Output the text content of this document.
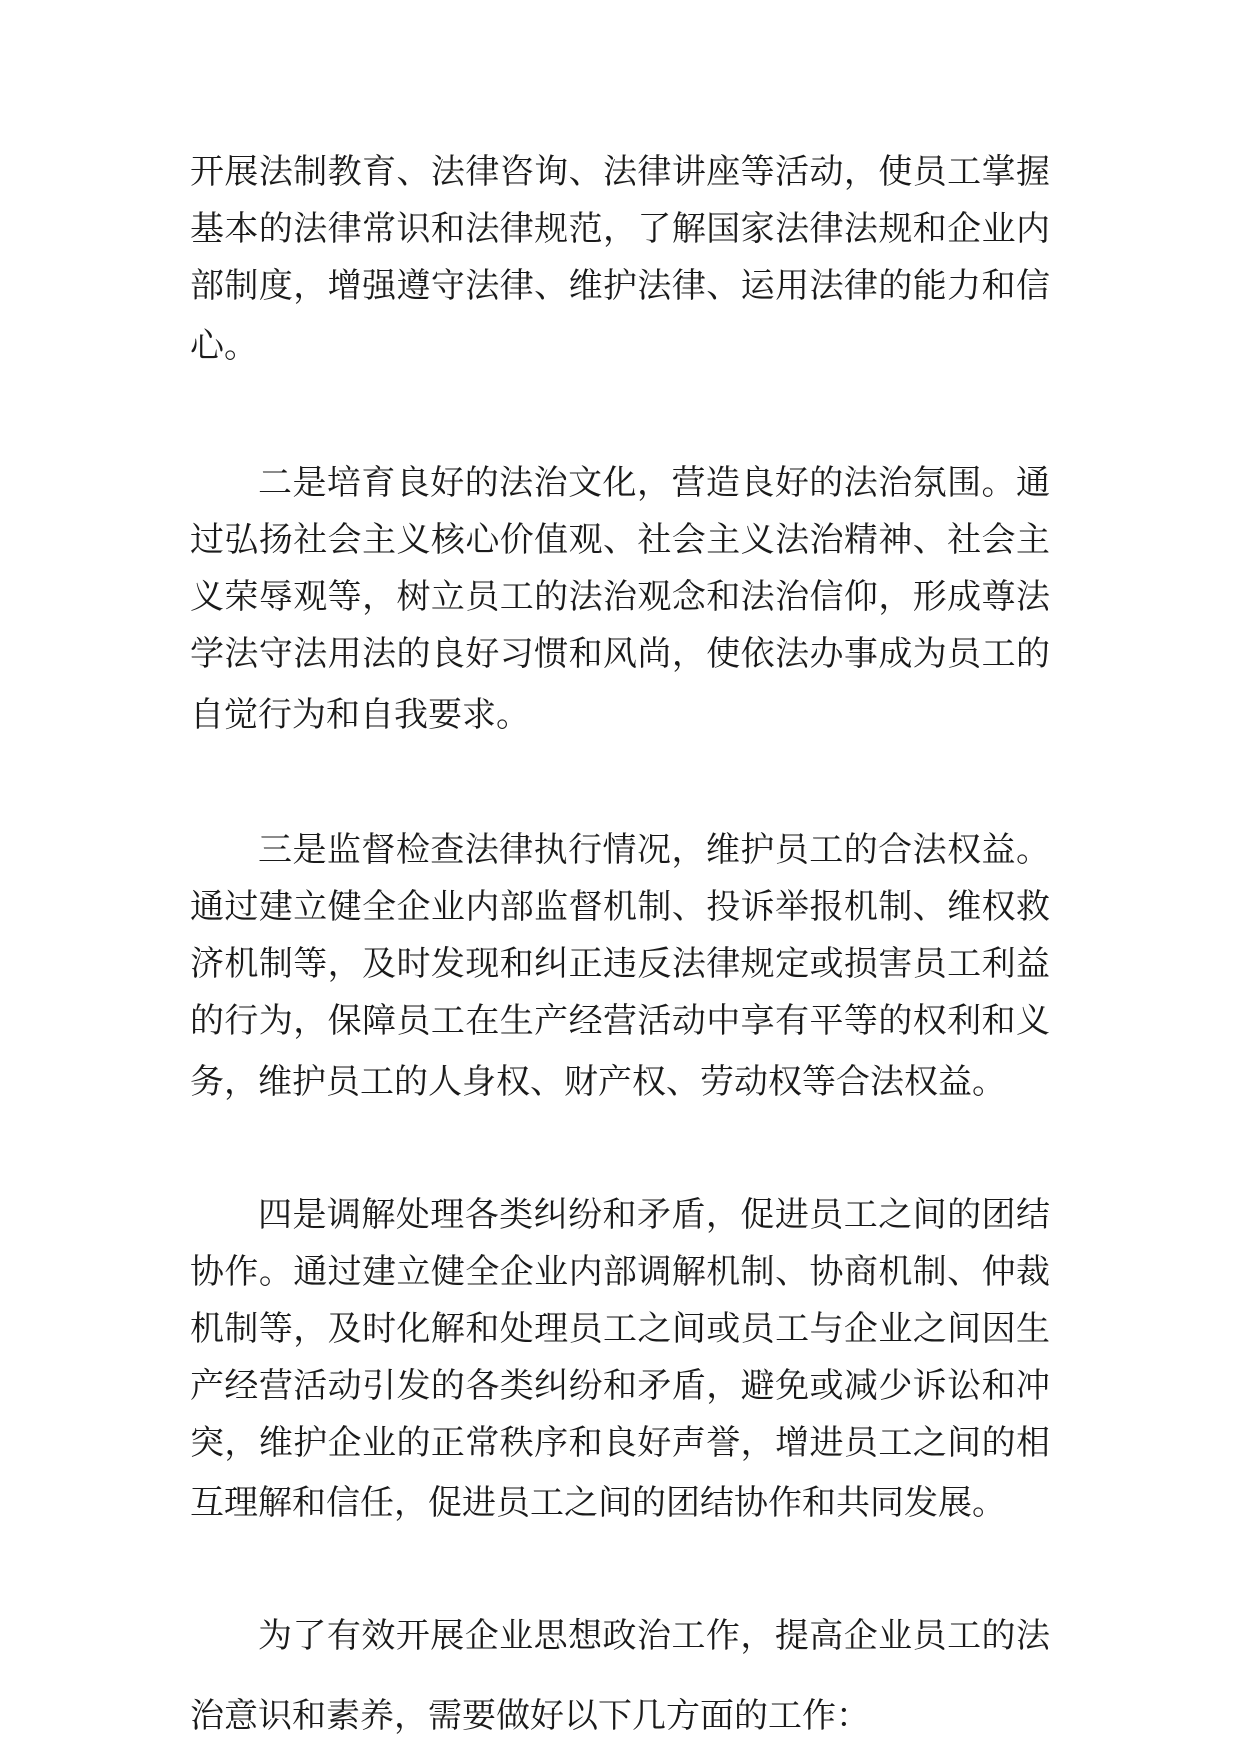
开展法制教育、法律咨询、法律讲座等活动，使员工掌握
基本的法律常识和法律规范，了解国家法律法规和企业内
部制度，增强遵守法律、维护法律、运用法律的能力和信
心。
二是培育良好的法治文化，营造良好的法治氛围。通
过弘扬社会主义核心价值观、社会主义法治精神、社会主
义荣辱观等，树立员工的法治观念和法治信仰，形成尊法
学法守法用法的良好习惯和风尚，使依法办事成为员工的
自觉行为和自我要求。
三是监督检查法律执行情况，维护员工的合法权益。
通过建立健全企业内部监督机制、投诉举报机制、维权救
济机制等，及时发现和纠正违反法律规定或损害员工利益
的行为，保障员工在生产经营活动中享有平等的权利和义
务，维护员工的人身权、财产权、劳动权等合法权益。
四是调解处理各类纠纷和矛盾，促进员工之间的团结
协作。通过建立健全企业内部调解机制、协商机制、仲裁
机制等，及时化解和处理员工之间或员工与企业之间因生
产经营活动引发的各类纠纷和矛盾，避免或减少诉讼和冲
突，维护企业的正常秩序和良好声誉，增进员工之间的相
互理解和信任，促进员工之间的团结协作和共同发展。
为了有效开展企业思想政治工作，提高企业员工的法
治意识和素养，需要做好以下几方面的工作：
